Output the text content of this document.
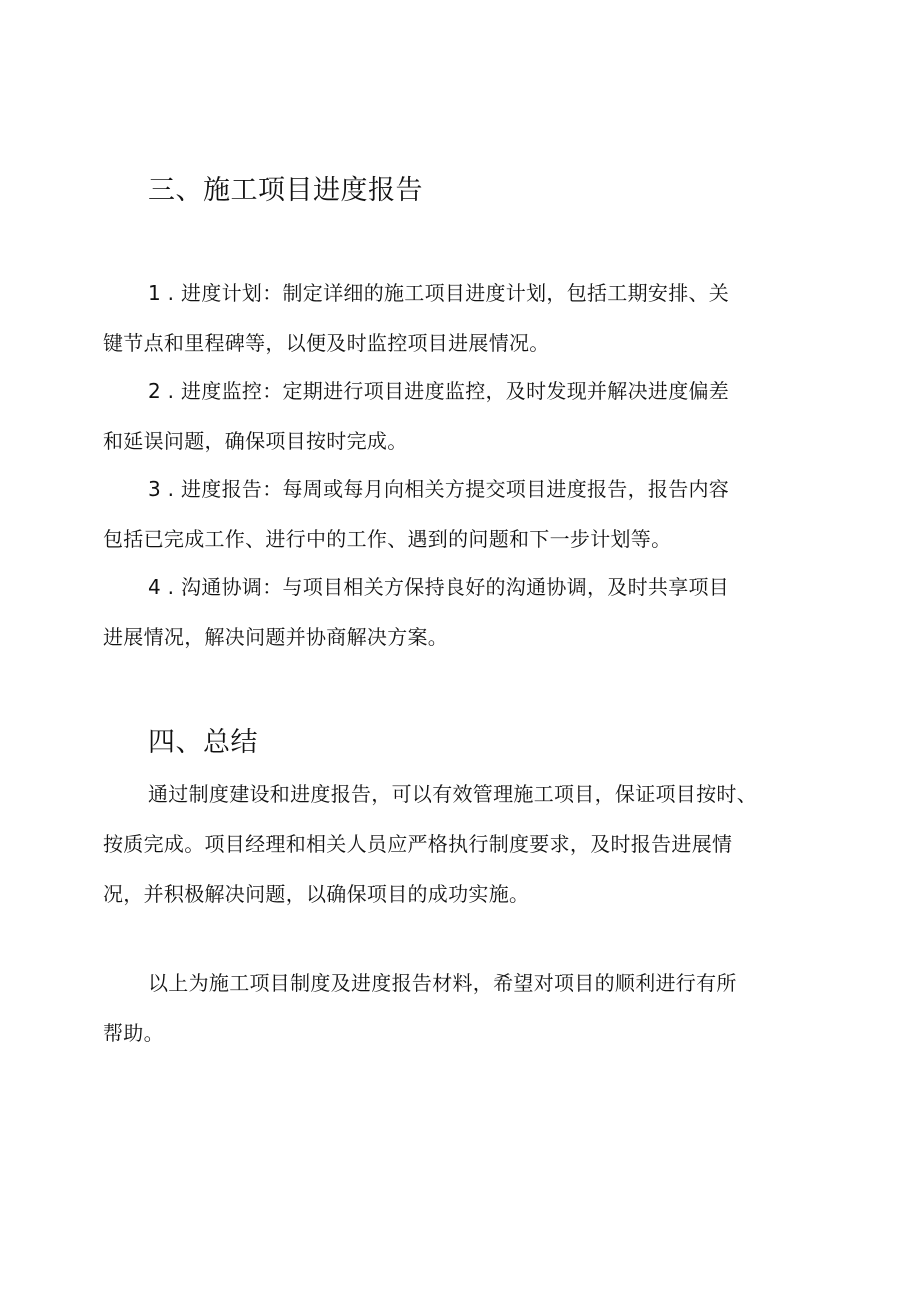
三、施工项目进度报告

1 . 进度计划：制定详细的施工项目进度计划，包括工期安排、关
键节点和里程碑等，以便及时监控项目进展情况。

2 . 进度监控：定期进行项目进度监控，及时发现并解决进度偏差
和延误问题，确保项目按时完成。

3 . 进度报告：每周或每月向相关方提交项目进度报告，报告内容
包括已完成工作、进行中的工作、遇到的问题和下一步计划等。

4 . 沟通协调：与项目相关方保持良好的沟通协调，及时共享项目
进展情况，解决问题并协商解决方案。

四、总结

通过制度建设和进度报告，可以有效管理施工项目，保证项目按时、
按质完成。项目经理和相关人员应严格执行制度要求，及时报告进展情
况，并积极解决问题，以确保项目的成功实施。

以上为施工项目制度及进度报告材料，希望对项目的顺利进行有所
帮助。
